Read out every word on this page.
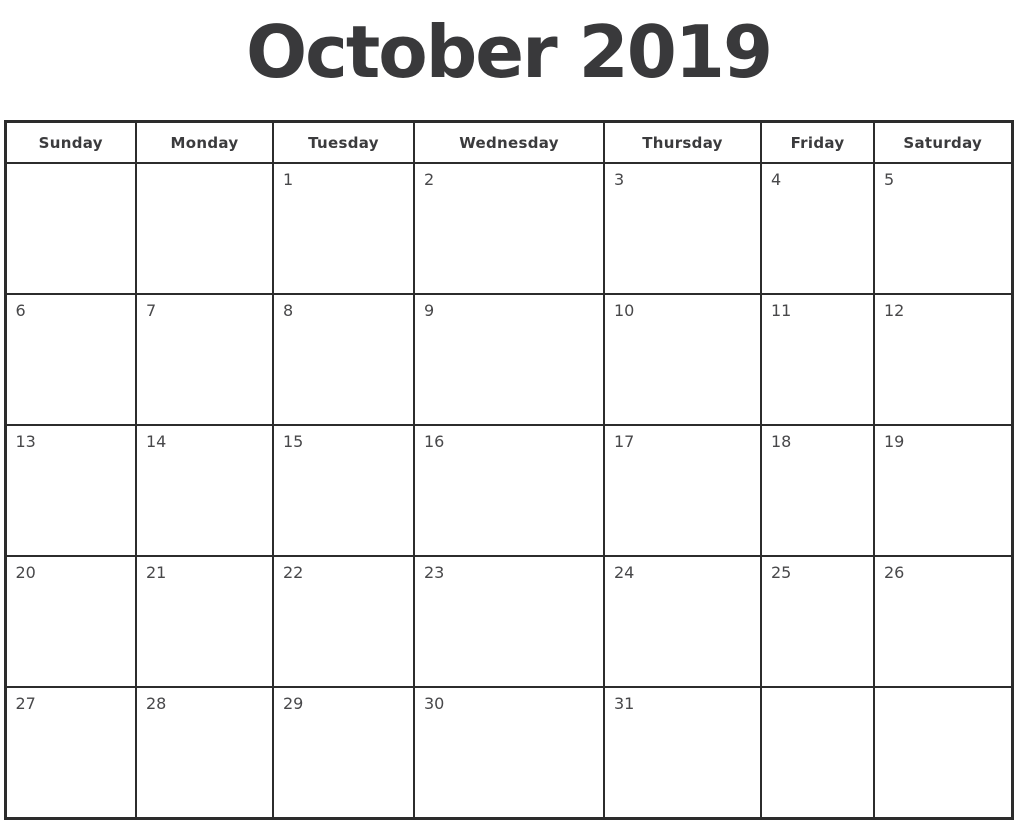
October 2019
Sunday	Monday	Tuesday	Wednesday	Thursday	Friday	Saturday
		1	2	3	4	5
6	7	8	9	10	11	12
13	14	15	16	17	18	19
20	21	22	23	24	25	26
27	28	29	30	31		
